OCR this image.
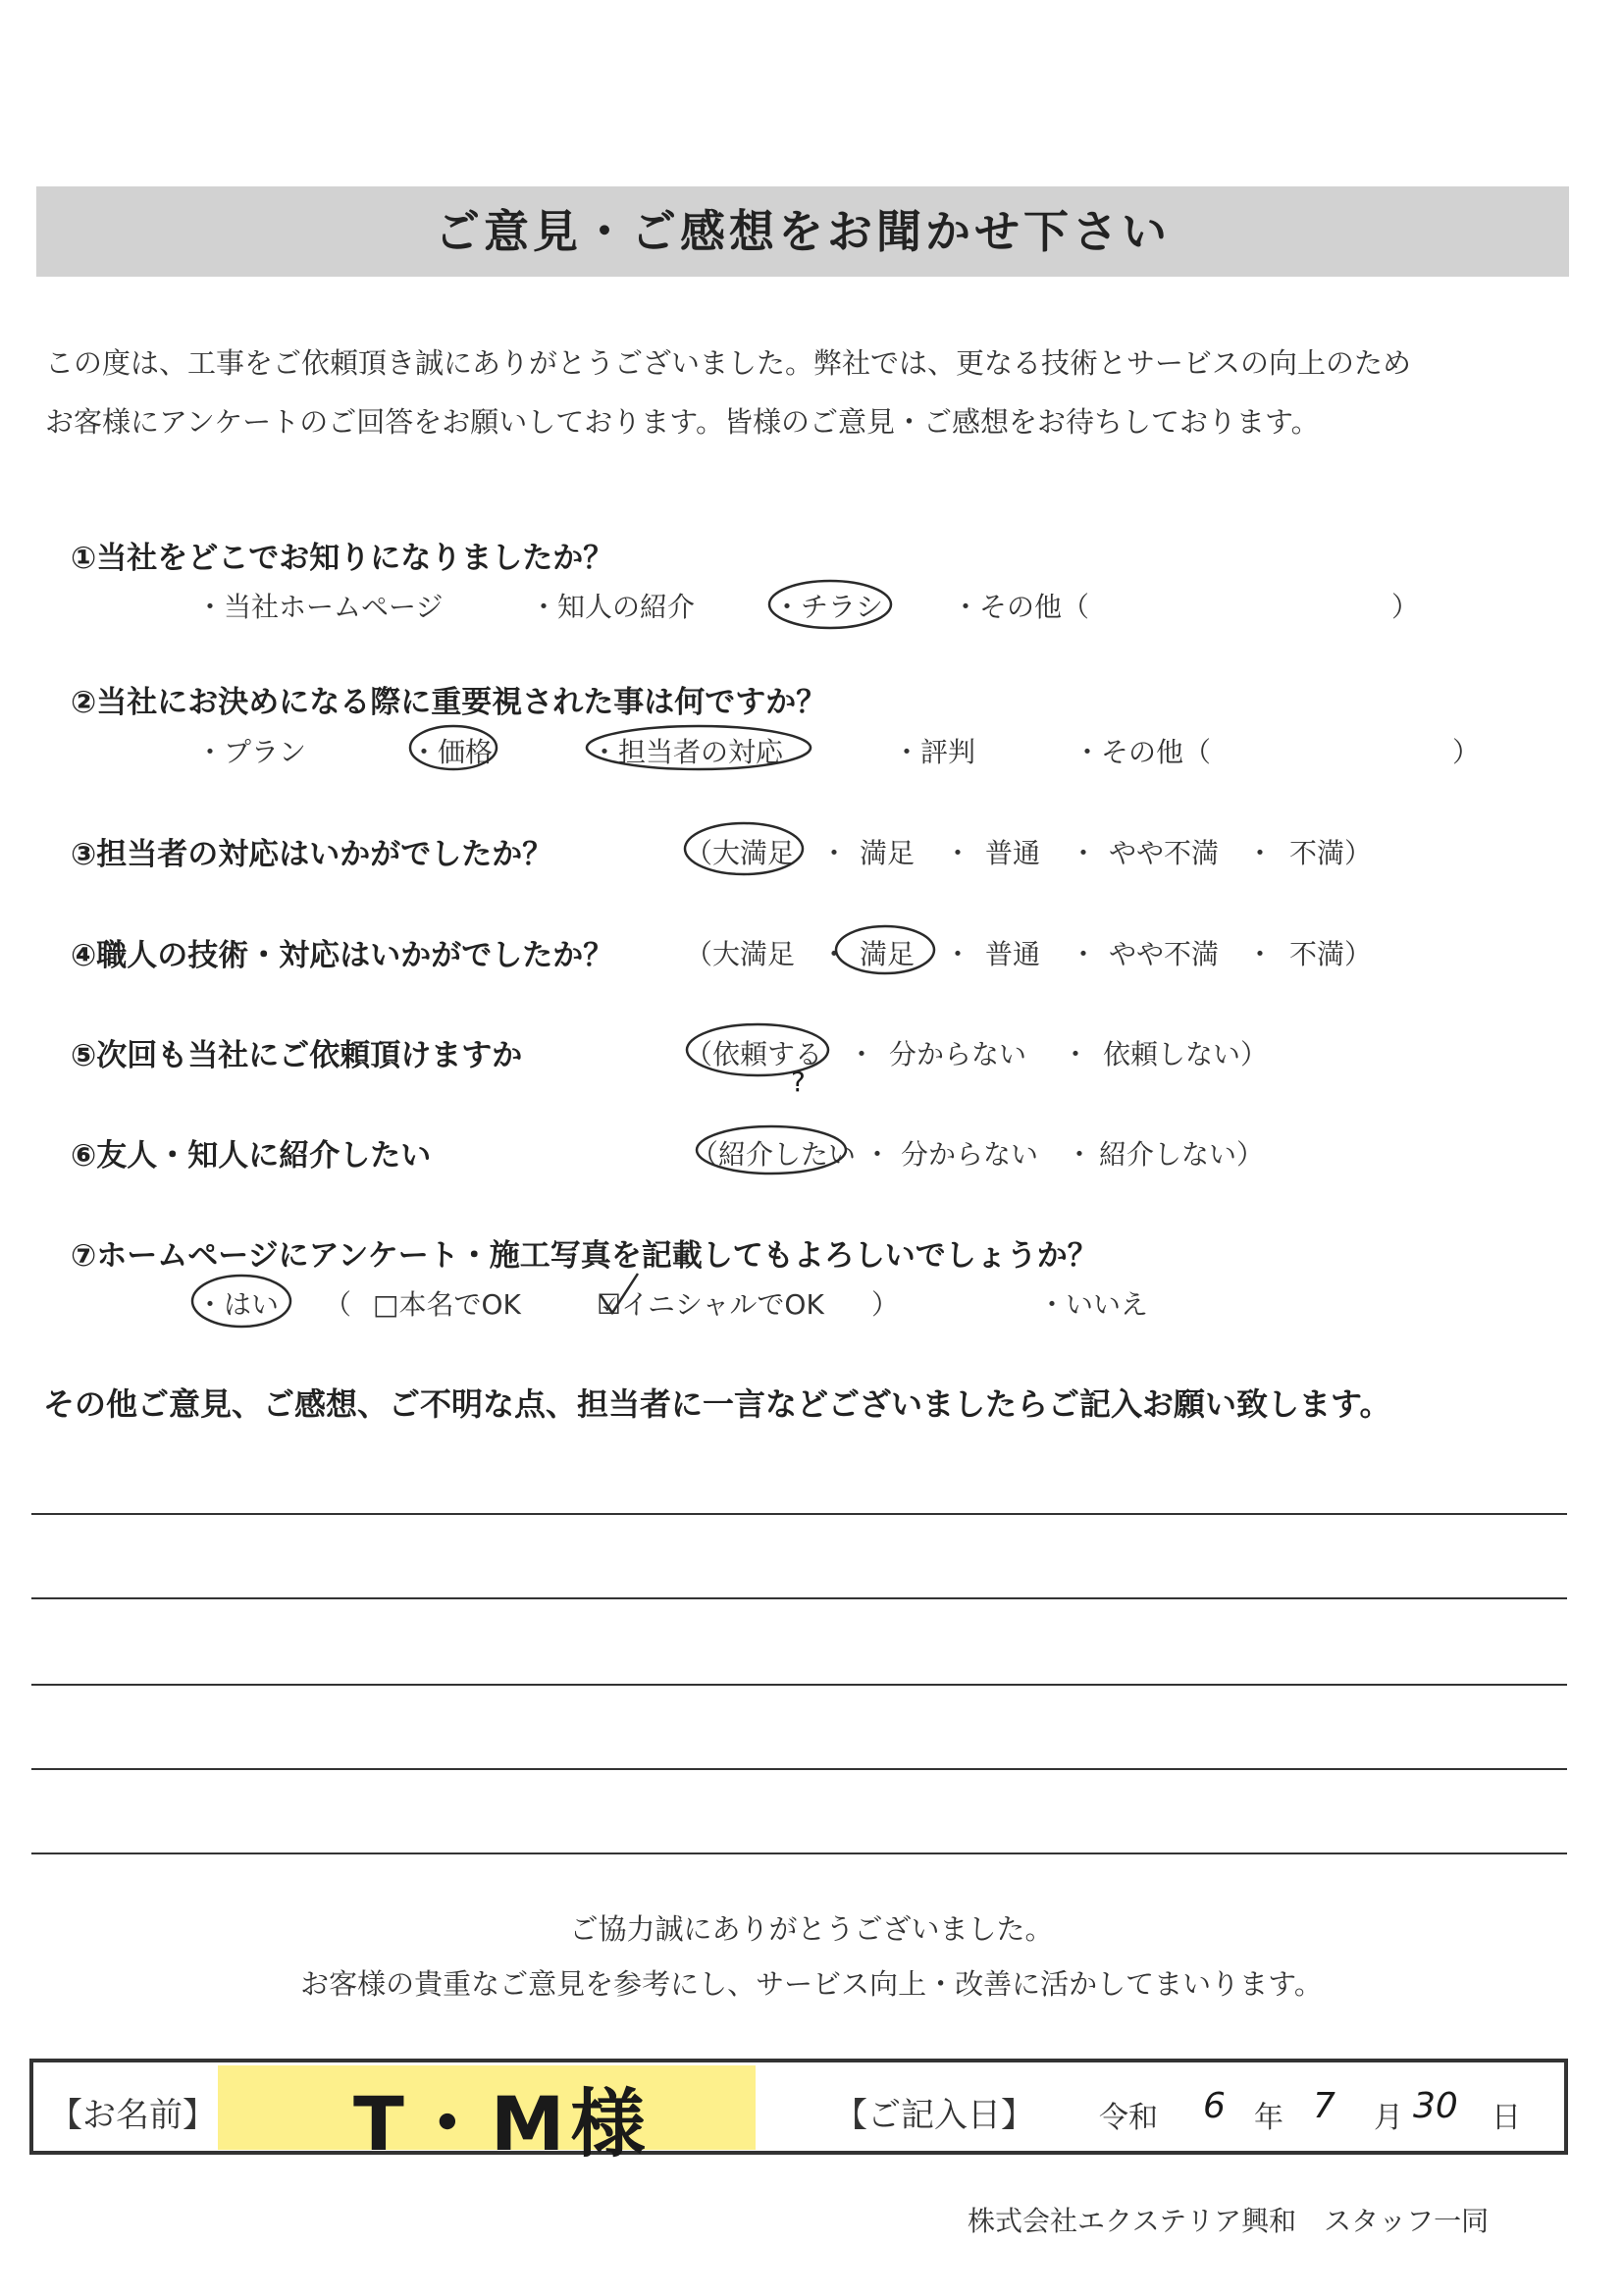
ご意見・ご感想をお聞かせ下さい
この度は、工事をご依頼頂き誠にありがとうございました。弊社では、更なる技術とサービスの向上のため
お客様にアンケートのご回答をお願いしております。皆様のご意見・ご感想をお待ちしております。
①当社をどこでお知りになりましたか？
・当社ホームページ	・知人の紹介	・チラシ ・その他（	）
②当社にお決めになる際に重要視された事は何ですか？
・プラン	・価格	・担当者の対応	・評判	・その他（	）
③担当者の対応はいかがでしたか？	（大満足 ・ 満足 ・ 普通 ・ やや不満 ・ 不満）
④職人の技術・対応はいかがでしたか？	（大満足 ・ 満足 ・ 普通 ・ やや不満 ・ 不満）
⑤次回も当社にご依頼頂けますか	（依頼する ・ 分からない ・ 依頼しない）
?
⑥友人・知人に紹介したい	（紹介したい ・ 分からない ・ 紹介しない）
⑦ホームページにアンケート・施工写真を記載してもよろしいでしょうか？
・はい （ □本名でOK	☑イニシャルでOK ）	・いいえ
その他ご意見、ご感想、ご不明な点、担当者に一言などございましたらご記入お願い致します。
ご協力誠にありがとうございました。
お客様の貴重なご意見を参考にし、サービス向上・改善に活かしてまいります。
【お名前】 T・M様	【ご記入日】 令和 6 年 7 月 30 日
株式会社エクステリア興和　スタッフ一同
